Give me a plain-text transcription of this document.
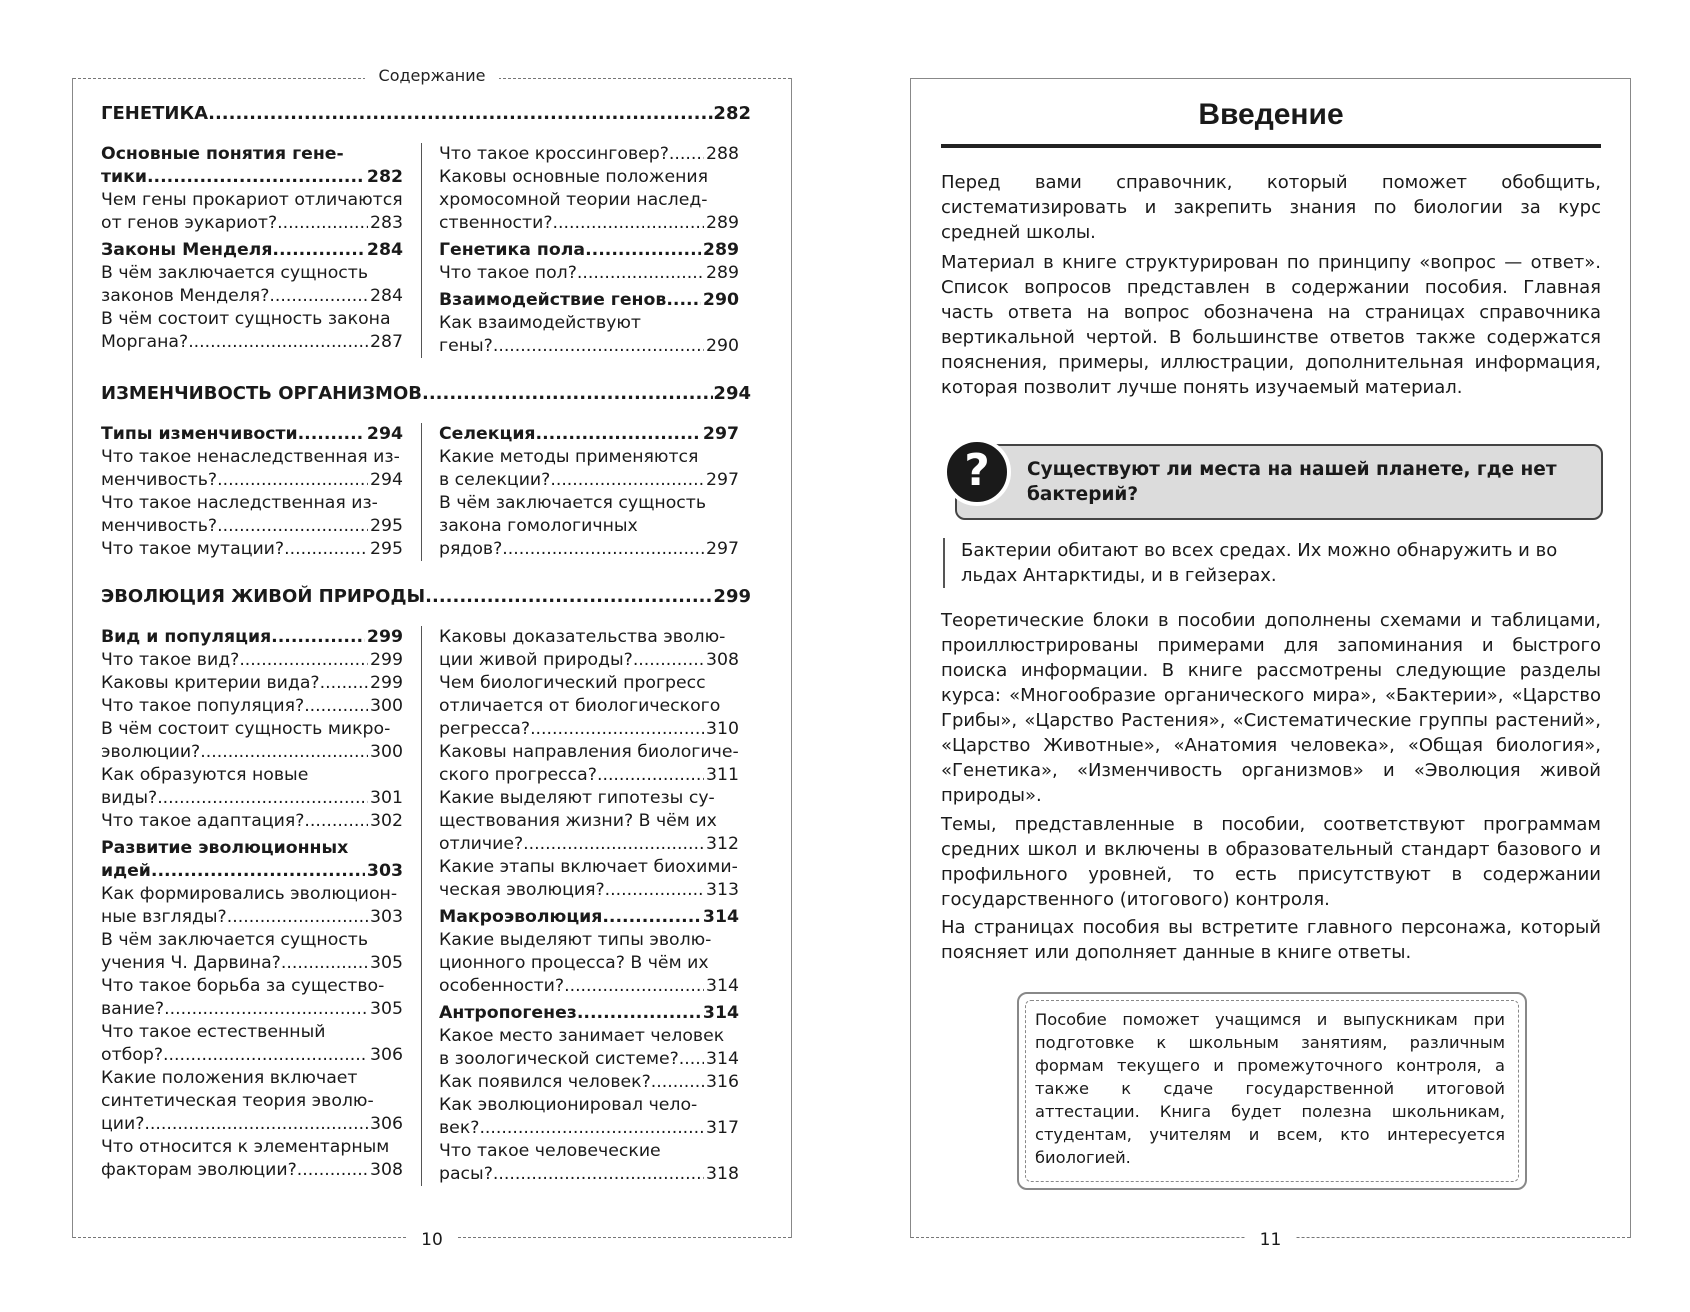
Содержание
ГЕНЕТИКА .....	282
Основные понятия гене-
тики .....	282
Чем гены прокариот отличаются
от генов эукариот? .....	283
Законы Менделя .....	284
В чём заключается сущность
законов Менделя? .....	284
В чём состоит сущность закона
Моргана? .....	287
Что такое кроссинговер? ..... 288
Каковы основные положения
хромосомной теории наслед-
ственности? .....	289
Генетика пола .....	289
Что такое пол? .....	289
Взаимодействие генов ..... 290
Как взаимодействуют
гены? .....	290
ИЗМЕНЧИВОСТЬ ОРГАНИЗМОВ .....	294
Типы изменчивости .....	294
Что такое ненаследственная из-
менчивость? .....	294
Что такое наследственная из-
менчивость? .....	295
Что такое мутации? .....	295
Селекция .....	297
Какие методы применяются
в селекции? .....	297
В чём заключается сущность
закона гомологичных
рядов? .....	297
ЭВОЛЮЦИЯ ЖИВОЙ ПРИРОДЫ .....	299
Вид и популяция .....	299
Что такое вид? .....	299
Каковы критерии вида? .....	299
Что такое популяция? .....	300
В чём состоит сущность микро-
эволюции? .....	300
Как образуются новые
виды? .....	301
Что такое адаптация? .....	302
Развитие эволюционных
идей .....	303
Как формировались эволюцион-
ные взгляды? .....	303
В чём заключается сущность
учения Ч. Дарвина? .....	305
Что такое борьба за существо-
вание? .....	305
Что такое естественный
отбор? .....	306
Какие положения включает
синтетическая теория эволю-
ции? .....	306
Что относится к элементарным
факторам эволюции? .....	308
Каковы доказательства эволю-
ции живой природы? .....	308
Чем биологический прогресс
отличается от биологического
регресса? .....	310
Каковы направления биологиче-
ского прогресса? .....	311
Какие выделяют гипотезы су-
ществования жизни? В чём их
отличие? .....	312
Какие этапы включает биохими-
ческая эволюция? .....	313
Макроэволюция .....	314
Какие выделяют типы эволю-
ционного процесса? В чём их
особенности? .....	314
Антропогенез .....	314
Какое место занимает человек
в зоологической системе? ..... 314
Как появился человек? .....	316
Как эволюционировал чело-
век? .....	317
Что такое человеческие
расы? .....	318
10
Введение
Перед вами справочник, который поможет обобщить, систематизировать и закрепить знания по биологии за курс средней школы.
Материал в книге структурирован по принципу «вопрос — ответ». Список вопросов представлен в содержании пособия. Главная часть ответа на вопрос обозначена на страницах справочника вертикальной чертой. В большинстве ответов также содержатся пояснения, примеры, иллюстрации, дополнительная информация, которая позволит лучше понять изучаемый материал.
Существуют ли места на нашей планете, где нет бактерий?
?
Бактерии обитают во всех средах. Их можно обнаружить и во льдах Антарктиды, и в гейзерах.
Теоретические блоки в пособии дополнены схемами и таблицами, проиллюстрированы примерами для запоминания и быстрого поиска информации. В книге рассмотрены следующие разделы курса: «Многообразие органического мира», «Бактерии», «Царство Грибы», «Царство Растения», «Систематические группы растений», «Царство Животные», «Анатомия человека», «Общая биология», «Генетика», «Изменчивость организмов» и «Эволюция живой природы».
Темы, представленные в пособии, соответствуют программам средних школ и включены в образовательный стандарт базового и профильного уровней, то есть присутствуют в содержании государственного (итогового) контроля.
На страницах пособия вы встретите главного персонажа, который поясняет или дополняет данные в книге ответы.
Пособие поможет учащимся и выпускникам при подготовке к школьным занятиям, различным формам текущего и промежуточного контроля, а также к сдаче государственной итоговой аттестации. Книга будет полезна школьникам, студентам, учителям и всем, кто интересуется биологией.
11
